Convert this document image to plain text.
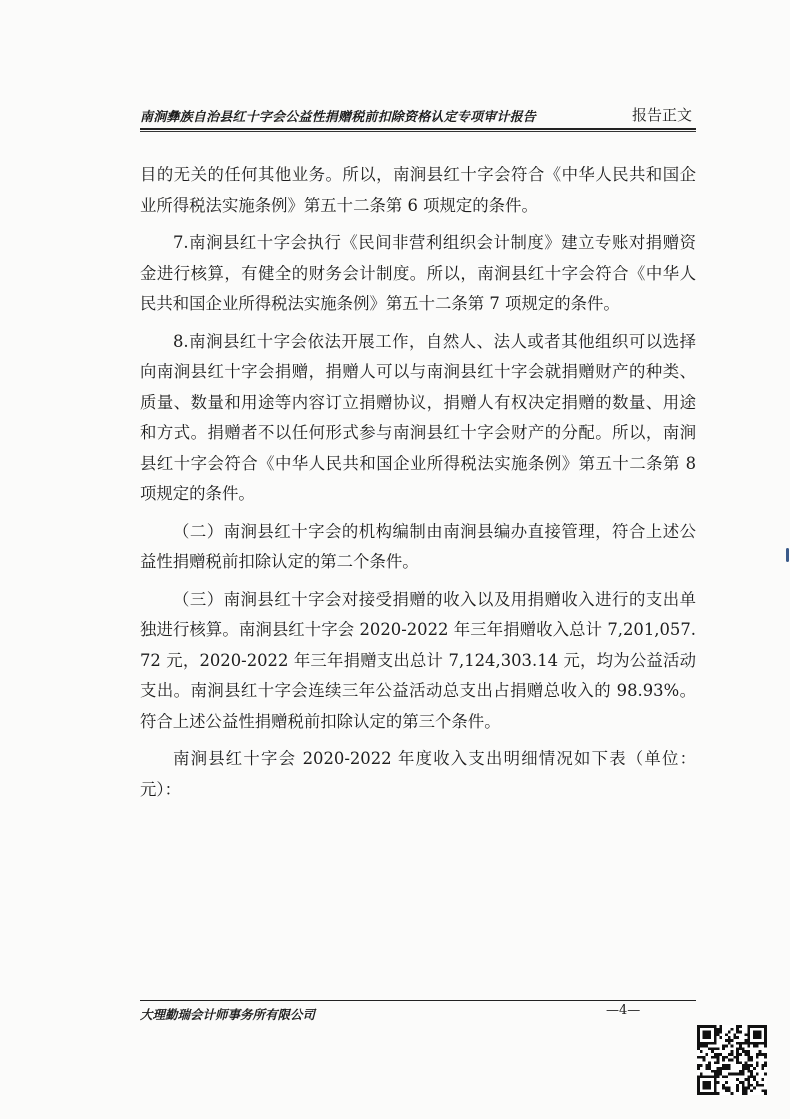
南涧彝族自治县红十字会公益性捐赠税前扣除资格认定专项审计报告	报告正文

目的无关的任何其他业务。所以，南涧县红十字会符合《中华人民共和国企业所得税法实施条例》第五十二条第 6 项规定的条件。

7.南涧县红十字会执行《民间非营利组织会计制度》建立专账对捐赠资金进行核算，有健全的财务会计制度。所以，南涧县红十字会符合《中华人民共和国企业所得税法实施条例》第五十二条第 7 项规定的条件。

8.南涧县红十字会依法开展工作，自然人、法人或者其他组织可以选择向南涧县红十字会捐赠，捐赠人可以与南涧县红十字会就捐赠财产的种类、质量、数量和用途等内容订立捐赠协议，捐赠人有权决定捐赠的数量、用途和方式。捐赠者不以任何形式参与南涧县红十字会财产的分配。所以，南涧县红十字会符合《中华人民共和国企业所得税法实施条例》第五十二条第 8 项规定的条件。

（二）南涧县红十字会的机构编制由南涧县编办直接管理，符合上述公益性捐赠税前扣除认定的第二个条件。

（三）南涧县红十字会对接受捐赠的收入以及用捐赠收入进行的支出单独进行核算。南涧县红十字会 2020-2022 年三年捐赠收入总计 7,201,057.72 元，2020-2022 年三年捐赠支出总计 7,124,303.14 元，均为公益活动支出。南涧县红十字会连续三年公益活动总支出占捐赠总收入的 98.93%。符合上述公益性捐赠税前扣除认定的第三个条件。

南涧县红十字会 2020-2022 年度收入支出明细情况如下表（单位：元）：

大理勤瑞会计师事务所有限公司	—4—
